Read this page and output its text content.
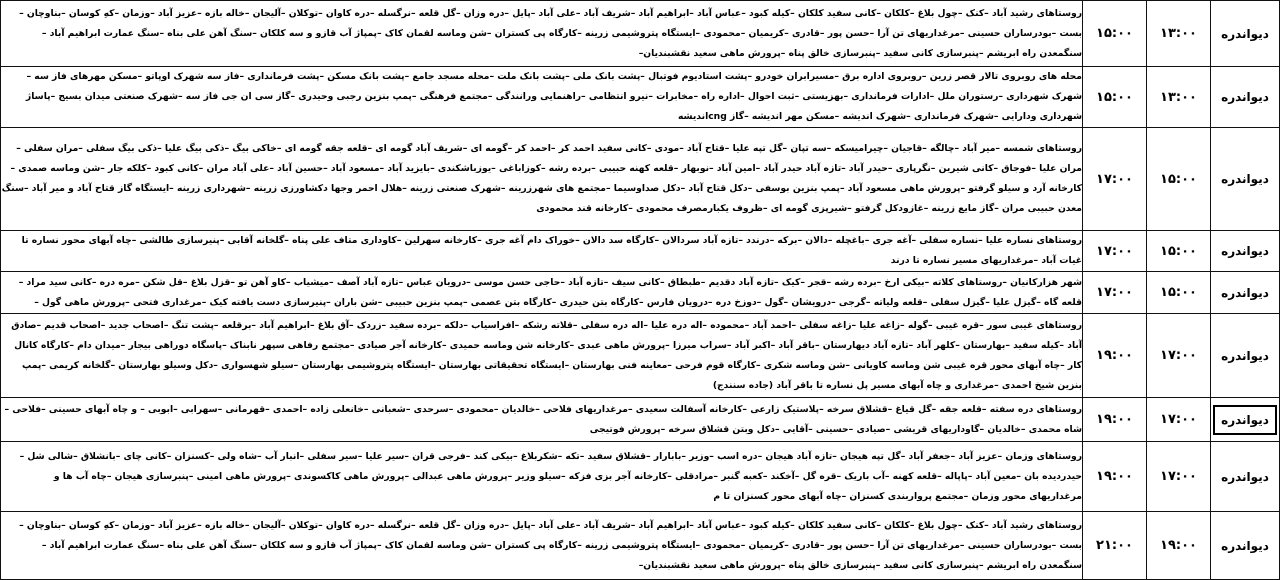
دیواندره	۱۳:۰۰	۱۵:۰۰	روستاهای رشید آباد –کنک –چول بلاغ –کلکان –کانی سفید کلکان –کیله کبود –عباس آباد –ابراهیم آباد –شریف آباد –علی آباد –پایل –دره وزان –گل قلعه –نرگسله –دره کاوان –توکلان –آلیجان –خاله بازه –عزیز آباد –وزمان –کهِ کوسان –بناوچان –بست –بودرساران حسینی –مرغداریهای تن آرا –حسن پور –قادری –کریمیان –محمودی –ایستگاه پتروشیمی زرینه –کارگاه پی کستران –شن وماسه لقمان کاک –پمپاژ آب قازو و سه کلکان –سنگ آهن علی بناه –سنگ عمارت ابراهیم آباد –سنگمعدن راه ابریشم –پنبرسازی کانی سفید –پنبرسازی خالق پناه –پرورش ماهی سعید نقشبندیان–
دیواندره	۱۳:۰۰	۱۵:۰۰	محله های روبروی تالار قصر زرین –روبروی اداره برق –مسیرابران خودرو –پشت استادیوم فوتبال –پشت بانک ملی –پشت بانک ملت –محله مسجد جامع –پشت بانک مسکن –پشت فرمانداری –فاز سه شهرک اوپاتو –مسکن مهرهای فاز سه –شهرک شهرداری –رستوران ملل –ادارات فرمانداری –بهزیستی –ثبت احوال –اداره راه –مخابرات –نیرو انتظامی –راهنمایی ورانندگی –مجتمع فرهنگی –پمپ بنزین رجبی وحیدری –گاز سی ان جی فاز سه –شهرک صنعتی میدان بسیج –پاساژ شهرداری ودارایی –شهرک فرمانداری –شهرک اندیشه –مسکن مهر اندیشه –گاز cngاندیشه
دیواندره	۱۵:۰۰	۱۷:۰۰	روستاهای شمسه –میر آباد –چالگه –قاجیان –چیرامیسکه –سه تپان –گل تپه علیا –قتاح آباد –مودی –کانی سفید احمد کر –احمد کر –گومه ای –شریف آباد گومه ای –قلعه جقه گومه ای –خاکی بیگ –ذکی بیگ علیا –ذکی بیگ سفلی –مران سفلی –مران علیا –فوجاق –کانی شیرین –نگرپاری –حیدر آباد –تازه آباد حیدر آباد –امین آباد –نوبهار –قلعه کهنه حبیبی –برده رشه –کوزاباغی –یوزباشکندی –بایزید آباد –مسعود آباد –حسین آباد –علی آباد مران –کانی کبود –کلکه جار –شن وماسه صمدی –کارخانه آرد و سیلو گرفتو –پرورش ماهی مسعود آباد –پمپ بنزین بوسفی –دکل قتاح آباد –دکل صداوسیما –مجتمع های شهرزرینه –شهرک صنعتی زرینه –هلال احمر وجها دکشاورزی زرینه –شهرداری زرینه –ایستگاه گاز قتاح آباد و میر آباد –سنگ معدن حبیبی مران –گاز مایع زرینه –غازودکل گرفتو –شیرپزی گومه ای –ظروف یکبارمصرف محمودی –کارخانه قند محمودی
دیواندره	۱۵:۰۰	۱۷:۰۰	روستاهای نساره علیا –نساره سفلی –آغه جری –باغچله –دالان –برکه –درندد –تازه آباد سردالان –کارگاه سد دالان –خوراک دام آغه جری –کارخانه سهرلین –کاوداری متاف علی پناه –گلخانه آقابی –پنیرسازی طالشی –چاه آبهای محور نساره تا غیات آباد –مرغداریهای مسیر نساره تا درند
دیواندره	۱۵:۰۰	۱۷:۰۰	شهر هزارکانیان –روستاهای کلاته –بیکی ارخ –برده رشه –قجر –کیک –تازه آباد دقدیم –طبطاق –کانی سیف –تازه آباد –حاجی حسن موسی –درویان عباس –تازه آباد آصف –میشیاب –کاو آهن تو –قزل بلاغ –قل شکن –مره دره –کانی سید مراد –قلعه گاه –گیزل علیا –گیزل سفلی –قلعه ولیاته –گرجی –درویشان –گول –دوزخ دره –درویان فارس –کارگاه بتن حیدری –کارگاه بتن عصمی –پمپ بنزین حبیبی –شن باران –پنیرسازی دست یافته کیک –مرغداری فتحی –پرورش ماهی گول –
دیواندره	۱۷:۰۰	۱۹:۰۰	روستاهای غیبی سور –قره غیبی –گوله –زاغه علیا –زاغه سفلی –احمد آباد –محموده –اله دره علیا –اله دره سفلی –قلاته رشکه –افراسیاب –دلکه –برده سفید –زردک –آق بلاغ –ابراهیم آباد –برقلعه –پشت تنگ –اصحاب جدید –اصحاب قدیم –صادق آباد –کیله سفید –بهارستان –کلهر آباد –تازه آباد دیهارستان –باقر آباد –اکبر آباد –سراب میرزا –پرورش ماهی عبدی –کارخانه شن وماسه حمیدی –کارخانه آجر صیادی –مجتمع رفاهی سپهر نابناک –پاسگاه دوراهی بیجار –میدان دام –کارگاه کانال کار –چاه آبهای محور قره غیبی شن وماسه کاویانی –شن وماسه شکری –کارگاه قوم فرحی –معاینه فنی بهارستان –ایستگاه تحقیقاتی بهارستان –ایستگاه پتروشیمی بهارستان –سیلو شهسواری –دکل وسیلو بهارستان –گلخانه کریمی –پمپ بنزین شیخ احمدی –مرغداری و چاه آبهای مسیر پل نساره تا باقر آباد (جاده سنندج)
دیواندره	۱۷:۰۰	۱۹:۰۰	روستاهای دره سفته –قلعه جقه –گل قیاغ –قشلاق سرخه –پلاستیک زارعی –کارخانه آسفالت سعیدی –مرغداریهای فلاحی –خالدیان –محمودی –سرحدی –شعبانی –خانعلی زاده –احمدی –قهرمانی –سهرابی –ابوبی – و چاه آبهای حسینی –فلاحی –شاه محمدی –خالدیان –گاوداریهای قریشی –صیادی –حسینی –آقایی –دکل وبتن قشلاق سرخه –پرورش فوتیجی
دیواندره	۱۷:۰۰	۱۹:۰۰	روستاهای وزمان –عزیز آباد –جعفر آباد –گل تپه هیجان –تازه آباد هیجان –دره اسب –وزیر –بابارار –قشلاق سفید –تکه –شکربلاغ –بیکی کند –فرجی قران –سیر علیا –سیر سفلی –انبار آب –شاه ولی –کسنزان –کانی چای –بانشلاق –شالی شل –حیدردیده بان –معین آباد –پاپاله –قلعه کهنه –آب باریک –قره گل –آخکند –کعبه گنبر –مرادقلی –کارخانه آجر بزی فزکه –سیلو وزیر –پرورش ماهی عبدالی –پرورش ماهی کاکسوندی –پرورش ماهی امینی –پنبرسازی هیجان –چاه آب ها و مرغداریهای محور وزمان –مجتمع پرواربندی کسنزان –چاه آبهای محور کسنزان تا م
دیواندره	۱۹:۰۰	۲۱:۰۰	روستاهای رشید آباد –کنک –چول بلاغ –کلکان –کانی سفید کلکان –کیله کبود –عباس آباد –ابراهیم آباد –شریف آباد –علی آباد –پایل –دره وزان –گل قلعه –نرگسله –دره کاوان –توکلان –آلیجان –خاله بازه –عزیز آباد –وزمان –کهِ کوسان –بناوچان –بست –بودرساران حسینی –مرغداریهای تن آرا –حسن پور –قادری –کریمیان –محمودی –ایستگاه پتروشیمی زرینه –کارگاه پی کستران –شن وماسه لقمان کاک –پمپاژ آب قازو و سه کلکان –سنگ آهن علی بناه –سنگ عمارت ابراهیم آباد –سنگمعدن راه ابریشم –پنبرسازی کانی سفید –پنبرسازی خالق پناه –پرورش ماهی سعید نقشبندیان–
